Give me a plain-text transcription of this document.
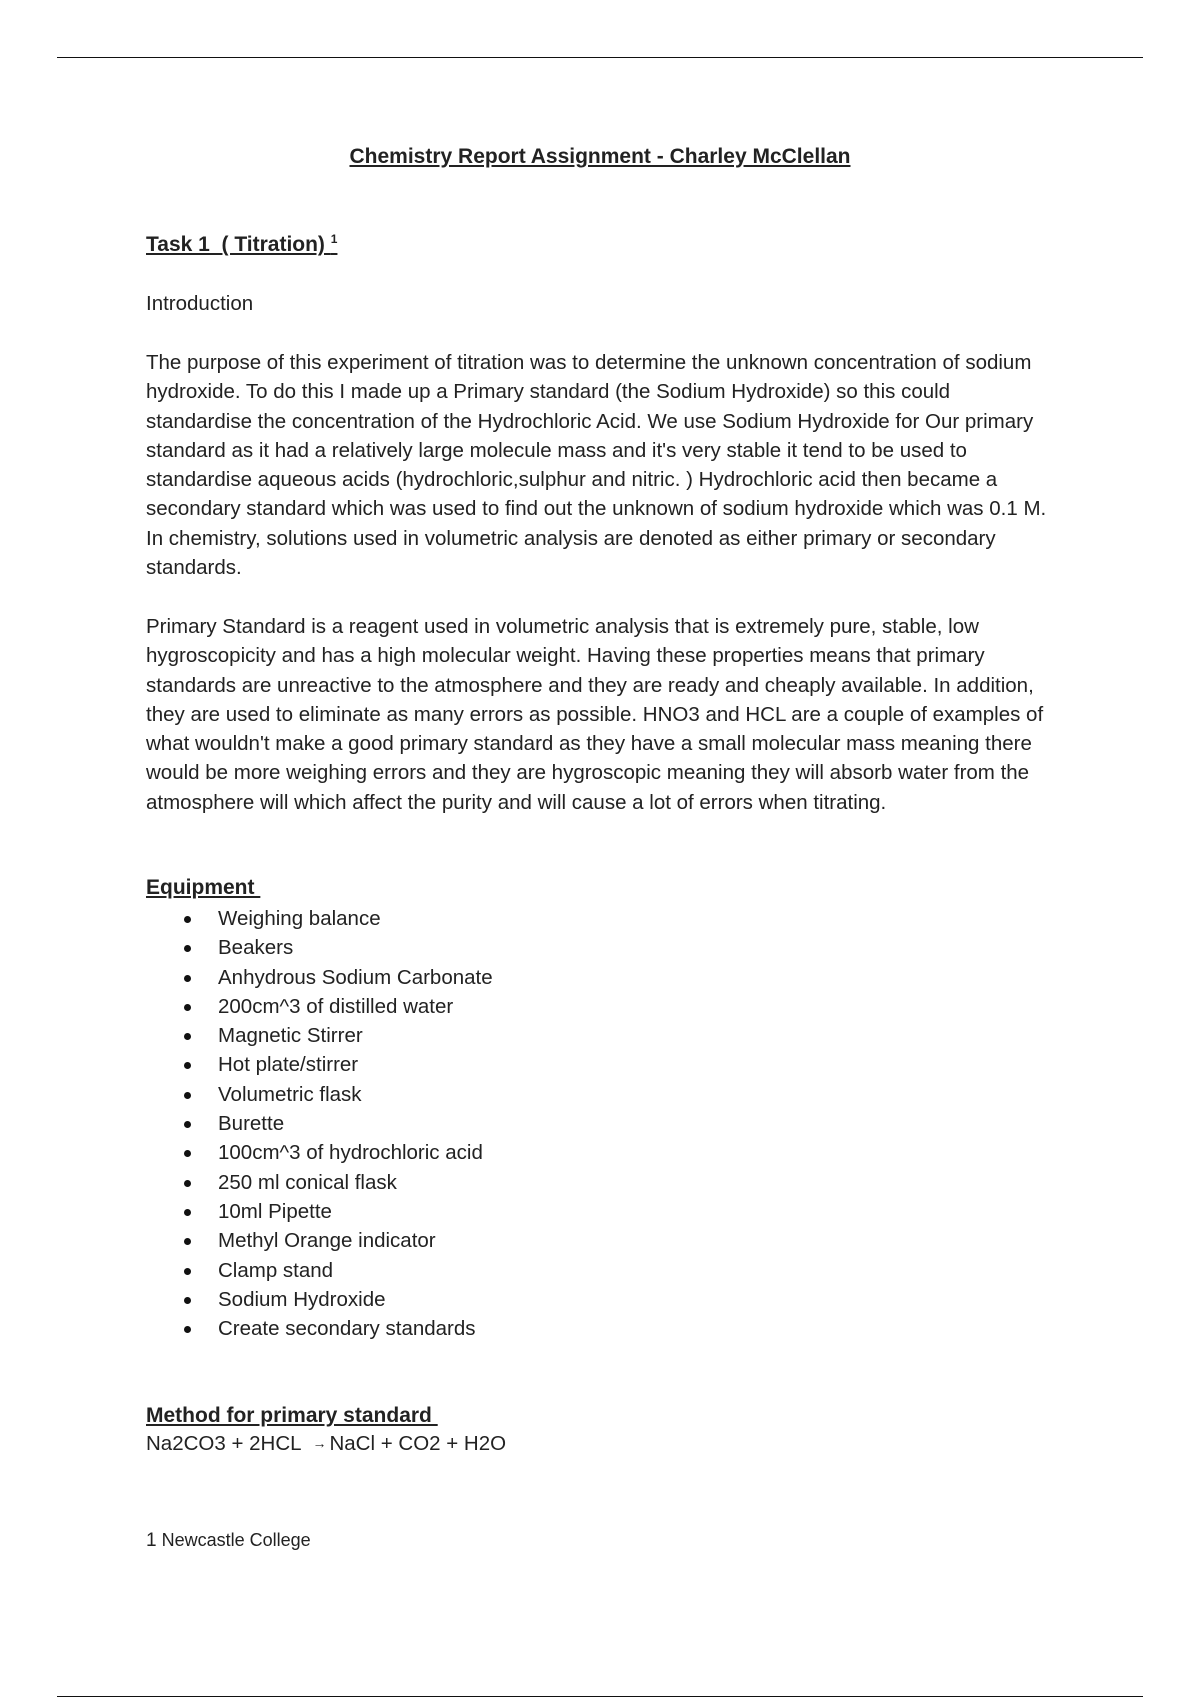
Chemistry Report Assignment - Charley McClellan
Task 1  ( Titration) $^1$

Introduction

The purpose of this experiment of titration was to determine the unknown concentration of sodium hydroxide. To do this I made up a Primary standard (the Sodium Hydroxide) so this could standardise the concentration of the Hydrochloric Acid. We use Sodium Hydroxide for Our primary standard as it had a relatively large molecule mass and it's very stable it tend to be used to standardise aqueous acids (hydrochloric,sulphur and nitric. ) Hydrochloric acid then became a secondary standard which was used to find out the unknown of sodium hydroxide which was 0.1 M. In chemistry, solutions used in volumetric analysis are denoted as either primary or secondary standards.

Primary Standard is a reagent used in volumetric analysis that is extremely pure, stable, low hygroscopicity and has a high molecular weight. Having these properties means that primary standards are unreactive to the atmosphere and they are ready and cheaply available. In addition, they are used to eliminate as many errors as possible. HNO3 and HCL are a couple of examples of what wouldn't make a good primary standard as they have a small molecular mass meaning there would be more weighing errors and they are hygroscopic meaning they will absorb water from the atmosphere will which affect the purity and will cause a lot of errors when titrating.

Equipment
Weighing balance
Beakers
Anhydrous Sodium Carbonate
200cm^3 of distilled water
Magnetic Stirrer
Hot plate/stirrer
Volumetric flask
Burette
100cm^3 of hydrochloric acid
250 ml conical flask
10ml Pipette
Methyl Orange indicator
Clamp stand
Sodium Hydroxide
Create secondary standards
Method for primary standard

Na2CO3 + 2HCL → NaCl + CO2 + H2O

1 Newcastle College
